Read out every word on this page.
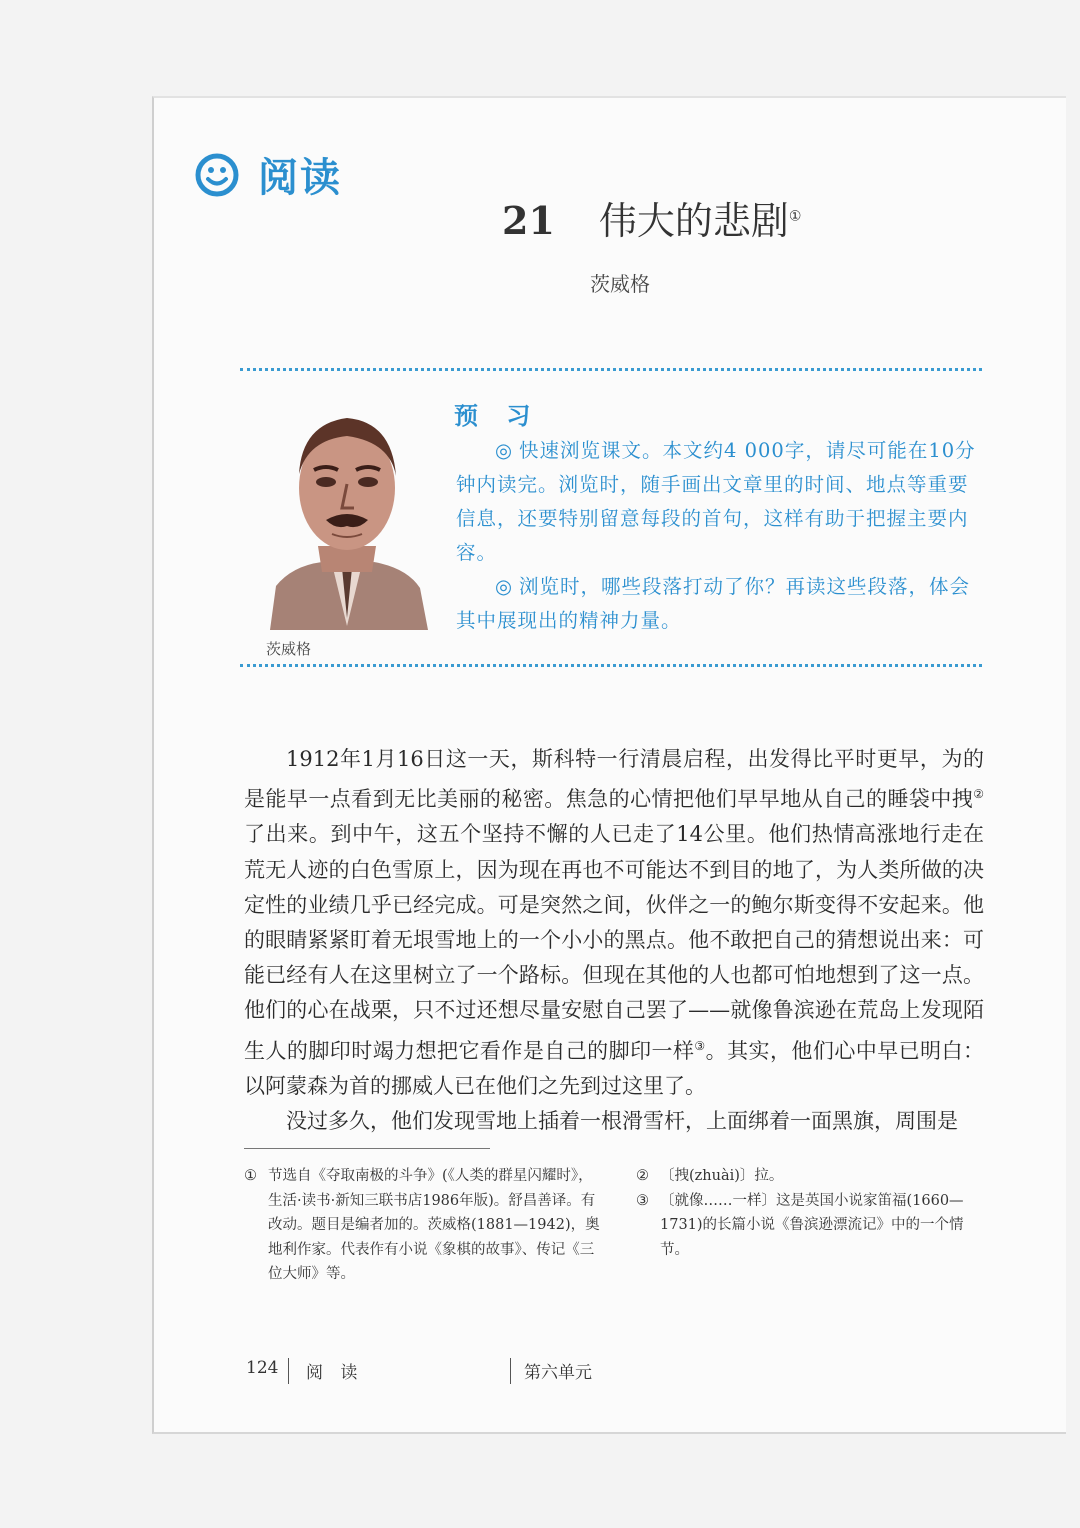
阅读
21 伟大的悲剧①
茨威格
茨威格
预 习

◎ 快速浏览课文。本文约4 000字，请尽可能在10分钟内读完。浏览时，随手画出文章里的时间、地点等重要信息，还要特别留意每段的首句，这样有助于把握主要内容。

◎ 浏览时，哪些段落打动了你？再读这些段落，体会其中展现出的精神力量。

1912年1月16日这一天，斯科特一行清晨启程，出发得比平时更早，为的是能早一点看到无比美丽的秘密。焦急的心情把他们早早地从自己的睡袋中拽②了出来。到中午，这五个坚持不懈的人已走了14公里。他们热情高涨地行走在荒无人迹的白色雪原上，因为现在再也不可能达不到目的地了，为人类所做的决定性的业绩几乎已经完成。可是突然之间，伙伴之一的鲍尔斯变得不安起来。他的眼睛紧紧盯着无垠雪地上的一个小小的黑点。他不敢把自己的猜想说出来：可能已经有人在这里树立了一个路标。但现在其他的人也都可怕地想到了这一点。他们的心在战栗，只不过还想尽量安慰自己罢了——就像鲁滨逊在荒岛上发现陌生人的脚印时竭力想把它看作是自己的脚印一样③。其实，他们心中早已明白：以阿蒙森为首的挪威人已在他们之先到过这里了。

没过多久，他们发现雪地上插着一根滑雪杆，上面绑着一面黑旗，周围是

① 节选自《夺取南极的斗争》(《人类的群星闪耀时》，生活·读书·新知三联书店1986年版)。舒昌善译。有改动。题目是编者加的。茨威格(1881—1942)，奥地利作家。代表作有小说《象棋的故事》、传记《三位大师》等。

② 〔拽(zhuài)〕拉。

③ 〔就像……一样〕这是英国小说家笛福(1660—1731)的长篇小说《鲁滨逊漂流记》中的一个情节。

124 阅 读	第六单元
